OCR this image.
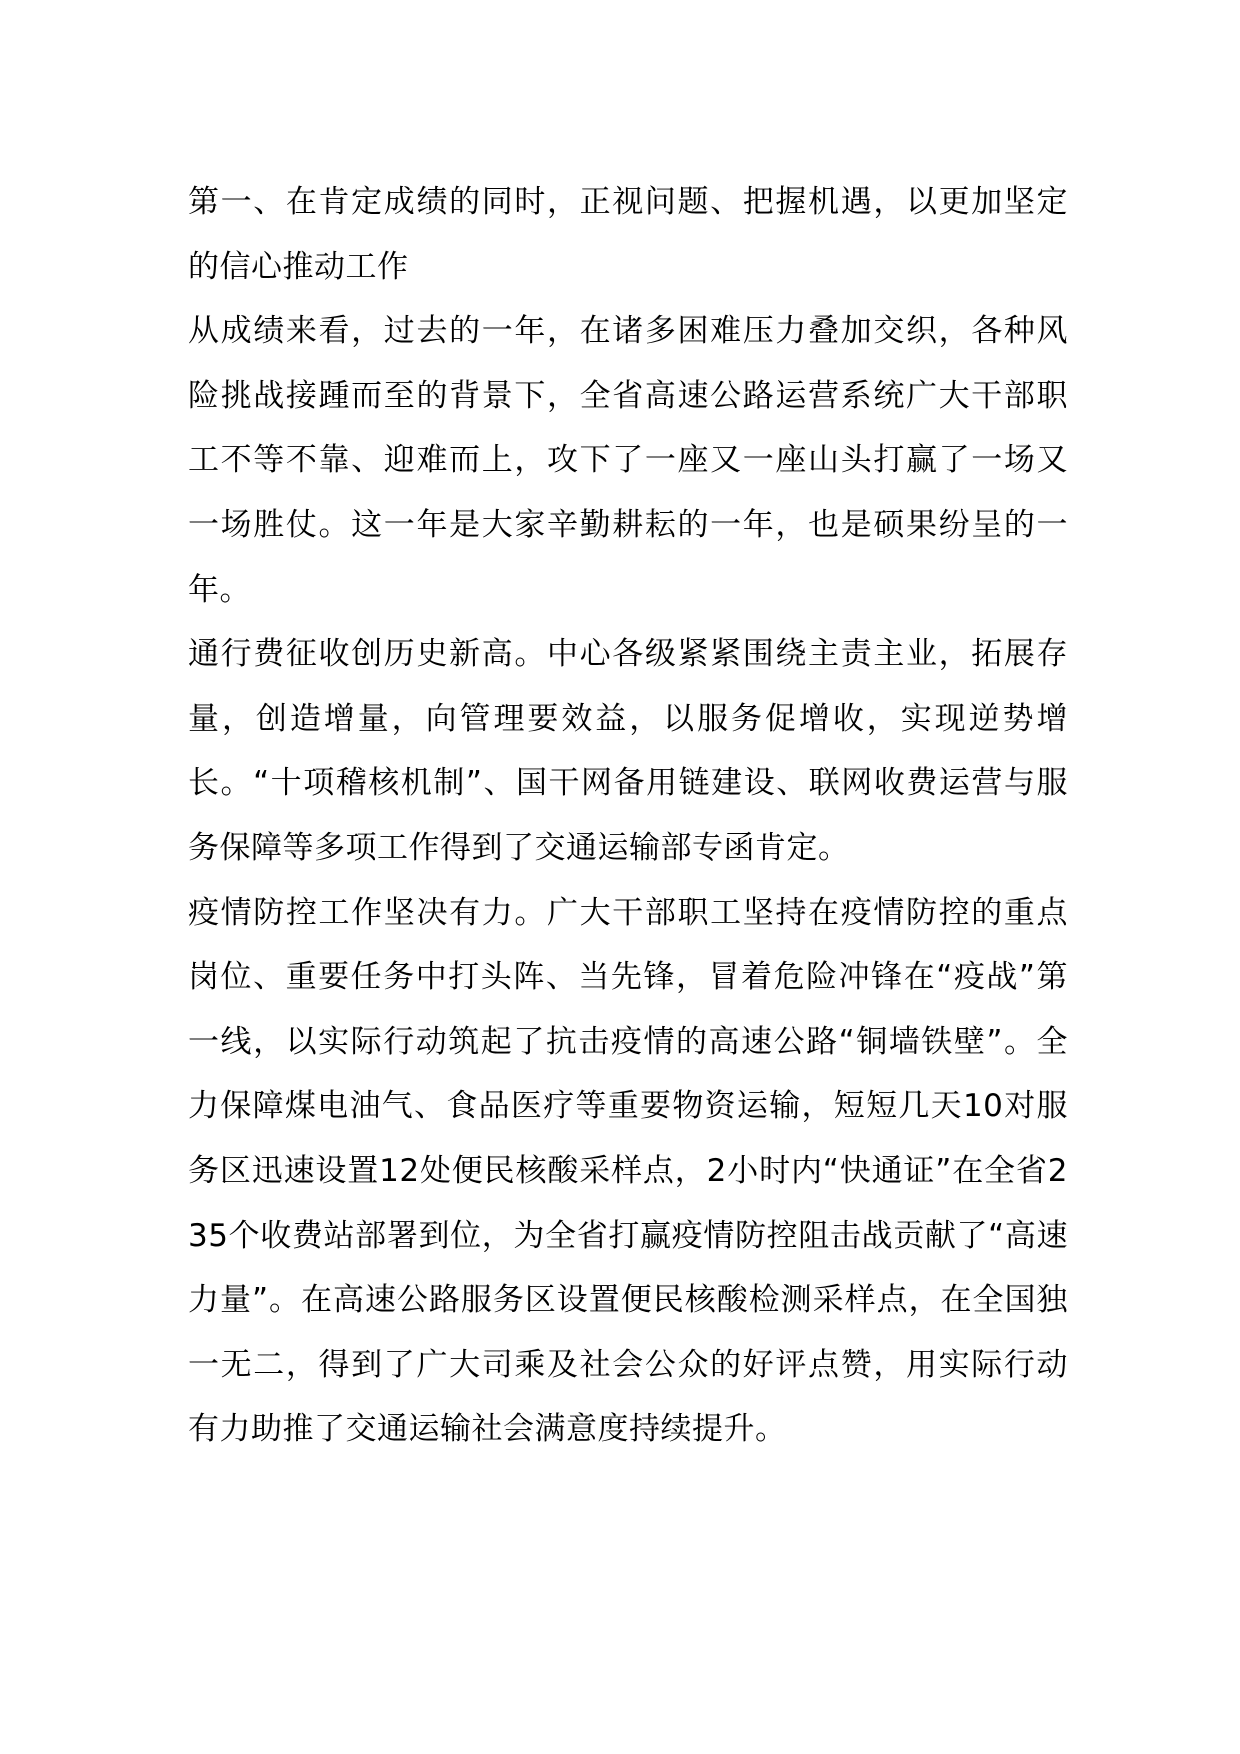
第一、在肯定成绩的同时，正视问题、把握机遇，以更加坚定的信心推动工作

从成绩来看，过去的一年，在诸多困难压力叠加交织，各种风险挑战接踵而至的背景下，全省高速公路运营系统广大干部职工不等不靠、迎难而上，攻下了一座又一座山头打赢了一场又一场胜仗。这一年是大家辛勤耕耘的一年，也是硕果纷呈的一年。

通行费征收创历史新高。中心各级紧紧围绕主责主业，拓展存量，创造增量，向管理要效益，以服务促增收，实现逆势增长。“十项稽核机制”、国干网备用链建设、联网收费运营与服务保障等多项工作得到了交通运输部专函肯定。

疫情防控工作坚决有力。广大干部职工坚持在疫情防控的重点岗位、重要任务中打头阵、当先锋，冒着危险冲锋在“疫战”第一线，以实际行动筑起了抗击疫情的高速公路“铜墙铁壁”。全力保障煤电油气、食品医疗等重要物资运输，短短几天10对服务区迅速设置12处便民核酸采样点，2小时内“快通证”在全省235个收费站部署到位，为全省打赢疫情防控阻击战贡献了“高速力量”。在高速公路服务区设置便民核酸检测采样点，在全国独一无二，得到了广大司乘及社会公众的好评点赞，用实际行动有力助推了交通运输社会满意度持续提升。
